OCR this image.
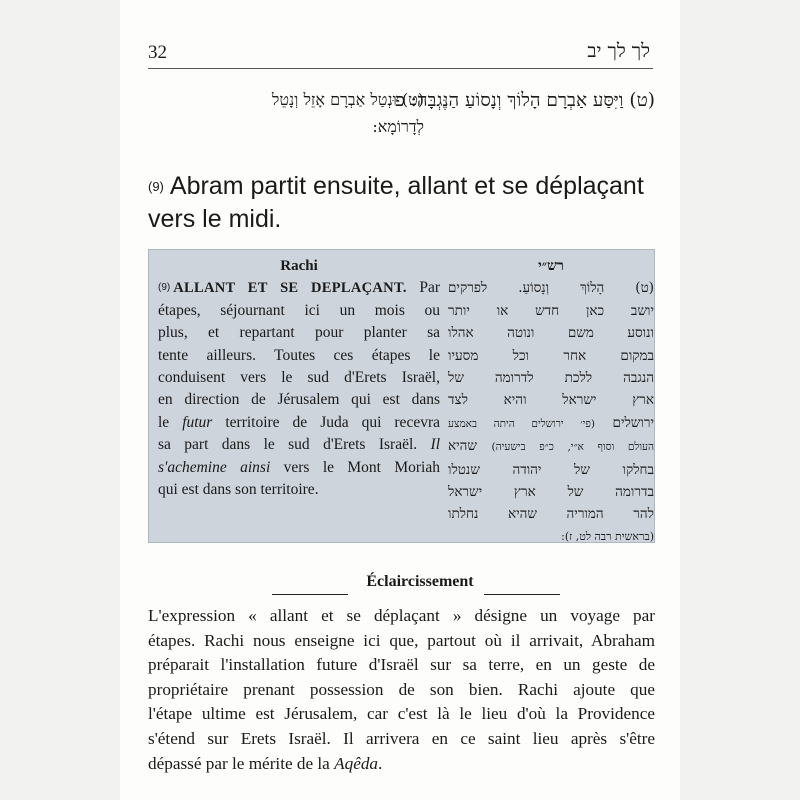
32	לך לך יב
(ט) וַיִּסַּע אַבְרָם הָלוֹךְ וְנָסוֹעַ הַנֶּגְבָּה: פ
(ט) וּנְטַל אַבְרָם אָזֵל וְנָטֵל
לְדָרוֹמָא:
(9) Abram partit ensuite, allant et se déplaçant
vers le midi.
Rachi
(9) ALLANT ET SE DEPLAÇANT. Par
étapes, séjournant ici un mois ou
plus, et repartant pour planter sa
tente ailleurs. Toutes ces étapes le
conduisent vers le sud d'Erets Israël,
en direction de Jérusalem qui est dans
le futur territoire de Juda qui recevra
sa part dans le sud d'Erets Israël. Il
s'achemine ainsi vers le Mont Moriah
qui est dans son territoire.
רש״י
(ט) הָלוֹךְ וְנָסוֹעַ. לפרקים
יושב כאן חדש או יותר
ונוסע משם ונוטה אהלו
במקום אחר וכל מסעיו
הנגבה ללכת לדרומה של
ארץ ישראל והיא לצד
ירושלים (פי׳ ירושלים היתה באמצע
העולם וסוף א״י, כ״פ בישעיה) שהיא
בחלקו של יהודה שנטלו
בדרומה של ארץ ישראל
להר המוריה שהיא נחלתו
(בראשית רבה לט, ז):
Éclaircissement
L'expression « allant et se déplaçant » désigne un voyage par
étapes. Rachi nous enseigne ici que, partout où il arrivait, Abraham
préparait l'installation future d'Israël sur sa terre, en un geste de
propriétaire prenant possession de son bien. Rachi ajoute que
l'étape ultime est Jérusalem, car c'est là le lieu d'où la Providence
s'étend sur Erets Israël. Il arrivera en ce saint lieu après s'être
dépassé par le mérite de la Aqêda.
